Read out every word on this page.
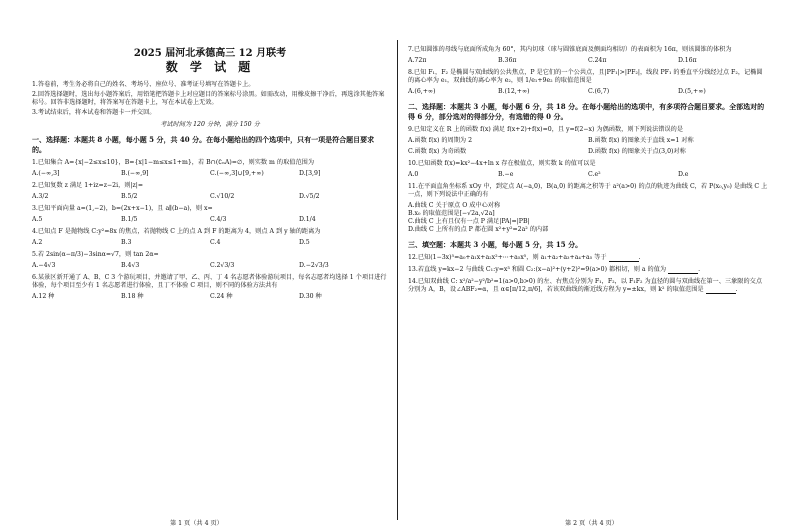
2025 届河北承德高三 12 月联考
数 学 试 题
1.答卷前，考生务必将自己的姓名、考场号、座位号、准考证号填写在答题卡上。
2.回答选择题时，选出每小题答案后，用铅笔把答题卡上对应题目的答案标号涂黑。如需改动，用橡皮擦干净后，再选涂其他答案标号。回答非选择题时，将答案写在答题卡上，写在本试卷上无效。
3.考试结束后，将本试卷和答题卡一并交回。
考试时间为 120 分钟，满分 150 分
一、选择题：本题共 8 小题，每小题 5 分，共 40 分。在每小题给出的四个选项中，只有一项是符合题目要求的。
1.已知集合 A={x|−2≤x≤10}，B={x|1−m≤x≤1+m}，若 B∩(∁ₙA)=∅，则实数 m 的取值范围为
A.(−∞,3]	B.(−∞,9]	C.(−∞,3]∪[9,+∞)	D.[3,9]
2.已知复数 z 满足 1+iz=z−2i，则|z|=
A.3/2	B.5/2	C.√10/2	D.√5/2
3.已知平面向量 a=(1,−2)，b=(2x+x−1)，且 a∥(b−a)，则 x=
A.5	B.1/5	C.4/3	D.1/4
4.已知点 F 是抛物线 C:y²=8x 的焦点，若抛物线 C 上的点 A 到 F 的距离为 4，则点 A 到 y 轴的距离为
A.2	B.3	C.4	D.5
5.若 2sin(α−π/3)−3sinα=√7，则 tan 2α=
A.−4√3	B.4√3	C.2√3/3	D.−2√3/3
6.某景区新开通了 A、B、C 3 个游玩项目，并邀请了甲、乙、丙、丁 4 名志愿者体验游玩项目，每名志愿者均选择 1 个项目进行体验，每个项目至少有 1 名志愿者进行体验，且丁不体验 C 项目，则不同的体验方法共有
A.12 种	B.18 种	C.24 种	D.30 种
7.已知圆锥的母线与底面所成角为 60°，其内切球（球与圆锥底面及侧面均相切）的表面积为 16π，则该圆锥的体积为
A.72π	B.36π	C.24π	D.16π
8.已知 F₁，F₂ 是椭圆与双曲线的公共焦点，P 是它们的一个公共点，且|PF₁|>|PF₂|，线段 PF₁ 的垂直平分线经过点 F₂，记椭圆的离心率为 e₁，双曲线的离心率为 e₂，则 1/e₁+9e₂ 的取值范围是
A.(6,+∞)	B.(12,+∞)	C.(6,7)	D.(5,+∞)
二、选择题：本题共 3 小题，每小题 6 分，共 18 分。在每小题给出的选项中，有多项符合题目要求。全部选对的得 6 分，部分选对的得部分分，有选错的得 0 分。
9.已知定义在 R 上的函数 f(x) 满足 f(x+2)+f(x)=0，且 y=f(2−x) 为偶函数，则下列说法错误的是
A.函数 f(x) 的周期为 2	B.函数 f(x) 的图象关于直线 x=1 对称
C.函数 f(x) 为奇函数	D.函数 f(x) 的图象关于点(3,0)对称
10.已知函数 f(x)=kx²−4x+ln x 存在极值点，则实数 k 的值可以是
A.0	B.−e	C.e²	D.e
11.在平面直角坐标系 xOy 中，到定点 A(−a,0)，B(a,0) 的距离之积等于 a²(a>0) 的点的轨迹为曲线 C，若 P(x₀,y₀) 是曲线 C 上一点，则下列说法中正确的有
A.曲线 C 关于原点 O 成中心对称
B.x₀ 的取值范围是[−√2a,√2a]
C.曲线 C 上有且仅有一点 P 满足|PA|=|PB|
D.曲线 C 上所有的点 P 都在圆 x²+y²=2a² 的内部
三、填空题：本题共 3 小题，每小题 5 分，共 15 分。
12.已知(1−3x)⁵=a₀+a₁x+a₂x²+⋯+a₅x⁵，则 a₁+a₂+a₃+a₄+a₅ 等于	.
13.若直线 y=kx−2 与曲线 C₁:y=x³ 和圆 C₂:(x−a)²+(y+2)²=9(a>0) 都相切，则 a 的值为	.
14.已知双曲线 C: x²/a²−y²/b²=1(a>0,b>0) 的左、右焦点分别为 F₁，F₂，以 F₁F₂ 为直径的圆与双曲线在第一、三象限的交点分别为 A，B，设∠ABF₂=α，且 α∈[π/12,π/6]，若该双曲线的渐近线方程为 y=±kx，则 k² 的取值范围是	.
第 1 页（共 4 页）	第 2 页（共 4 页）
